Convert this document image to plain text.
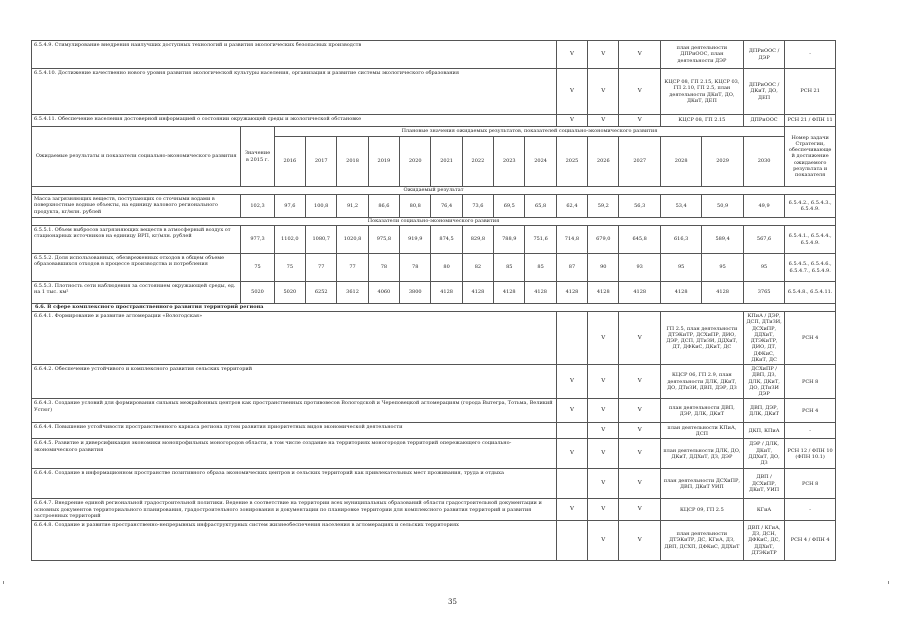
6.5.4.9. Стимулирование внедрения наилучших доступных технологий и развития экологических безопасных производств											V	V	V	план деятельности ДПРиООС, план деятельности ДЭР		ДПРиООС / ДЭР	-
6.5.4.10. Достижение качественно нового уровня развития экологической культуры населения, организация и развитие системы экологического образования											V	V	V	КЦСР 08, ГП 2.15, КЦСР 03, ГП 2.10, ГП 2.5, план деятельности ДКиТ, ДО, ДКиТ, ДЕП		ДПРиООС / ДКиТ, ДО, ДЕП	РСН 21
6.5.4.11. Обеспечение населения достоверной информацией о состоянии окружающей среды и экологической обстановке											V	V	V	КЦСР 08, ГП 2.15		ДПРиООС	РСН 21 / ФПН 11
Ожидаемые результаты и показатели социально-экономического развития	Значение в 2015 г.	Плановые значения ожидаемых результатов, показателей социально-экономического развития															Номер задачи Стратегии, обеспечивающей достижение ожидаемого результата и показателя
		2016	2017	2018	2019	2020	2021	2022	2023	2024	2025	2026	2027	2028	2029	2030	
Ожидаемый результат																	
Масса загрязняющих веществ, поступающих со сточными водами в поверхностные водные объекты, на единицу валового регионального продукта, кг/млн. рублей	102,3	97,6	100,8	91,2	86,6	80,8	76,4	73,6	69,5	65,8	62,4	59,2	56,3	53,4	50,9	49,9	6.5.4.2., 6.5.4.3., 6.5.4.9.
Показатели социально-экономического развития																	
6.5.5.1. Объем выбросов загрязняющих веществ в атмосферный воздух от стационарных источников на единицу ВРП, кг/млн. рублей	977,3	1102,0	1080,7	1020,8	975,8	919,9	874,5	829,8	788,9	751,6	714,8	679,0	645,8	616,3	589,4	567,6	6.5.4.1., 6.5.4.4., 6.5.4.9.
6.5.5.2. Доля использованных, обезвреженных отходов в общем объеме образовавшихся отходов в процессе производства и потребления	75	75	77	77	78	78	80	82	85	85	87	90	93	95	95	95	6.5.4.5., 6.5.4.6., 6.5.4.7., 6.5.4.9.
6.5.5.3. Плотность сети наблюдения за состоянием окружающей среды, ед. на 1 тыс. км²	5020	5020	6252	3612	4060	3800	4128	4128	4128	4128	4128	4128	4128	4128	4128	3765	6.5.4.8., 6.5.4.11.
6.6. В сфере комплексного пространственного развития территорий региона																	
6.6.4.1. Формирование и развитие агломерации «Вологодская»												V	V	ГП 2.5, план деятельности ДТЭКиТР, ДСХиПР, ДИО, ДЭР, ДСП, ДТиЗИ, ДДХиТ, ДТ, ДФКиС, ДКиТ, ДС		КПиА / ДЭР, ДСП, ДТиЗИ, ДСХиПР, ДДХиТ, ДТЭКиТР, ДИО, ДТ, ДФКиС, ДКиТ, ДС	РСН 4
6.6.4.2. Обеспечение устойчивого и комплексного развития сельских территорий											V	V	V	КЦСР 06, ГП 2.9, план деятельности ДЛК, ДКиТ, ДО, ДТиЗИ, ДВП, ДЭР, ДЗ		ДСХиПР / ДВП, ДЗ, ДЛК, ДКиТ, ДО, ДТиЗИ ДЭР	РСН 8
6.6.4.3. Создание условий для формирования сильных межрайонных центров как пространственных противовесов Вологодской и Череповецкой агломерациям (города Вытегра, Тотьма, Великий Устюг)											V	V	V	план деятельности ДВП, ДЭР, ДЛК, ДКиТ		ДВП, ДЭР, ДЛК, ДКиТ	РСН 4
6.6.4.4. Повышение устойчивости пространственного каркаса региона путем развития приоритетных видов экономической деятельности												V	V	план деятельности КПиА, ДСП		ДКП, КПиА	-
6.6.4.5. Развитие и диверсификация экономики монопрофильных моногородов области, в том числе создание на территориях моногородов территорий опережающего социально-экономического развития											V	V	V	план деятельности ДЛК, ДО, ДКиТ, ДДХиТ, ДЗ, ДЭР		ДЭР / ДЛК, ДКиТ, ДДХиТ, ДО, ДЗ	РСН 12 / ФПН 10 (ФПН 10.1)
6.6.4.6. Создание в информационном пространстве позитивного образа экономических центров и сельских территорий как привлекательных мест проживания, труда и отдыха												V	V	план деятельности ДСХиПР, ДВП, ДКиТ УИП		ДВП / ДСХиПР, ДКиТ, УИП	РСН 8
6.6.4.7. Внедрение единой региональной градостроительной политики. Ведение в соответствие на территории всех муниципальных образований области градостроительной документации и основных документов территориального планирования, градостроительного зонирования и документации по планировке территории для комплексного развития территорий и развития застроенных территорий											V	V	V	КЦСР 09, ГП 2.5		КГиА	-
6.6.4.8. Создание и развитие пространственно-непрерывных инфраструктурных систем жизнеобеспечения населения в агломерациях и сельских территориях												V	V	план деятельности ДТЭКиТР, ДС, КГиА, ДЗ, ДВП, ДСХП, ДФКиС, ДДХиТ		ДВП / КГиА, ДЗ, ДСН, ДФКиС, ДС, ДДХиТ, ДТЭКиТР	РСН 4 / ФПН 4
35
